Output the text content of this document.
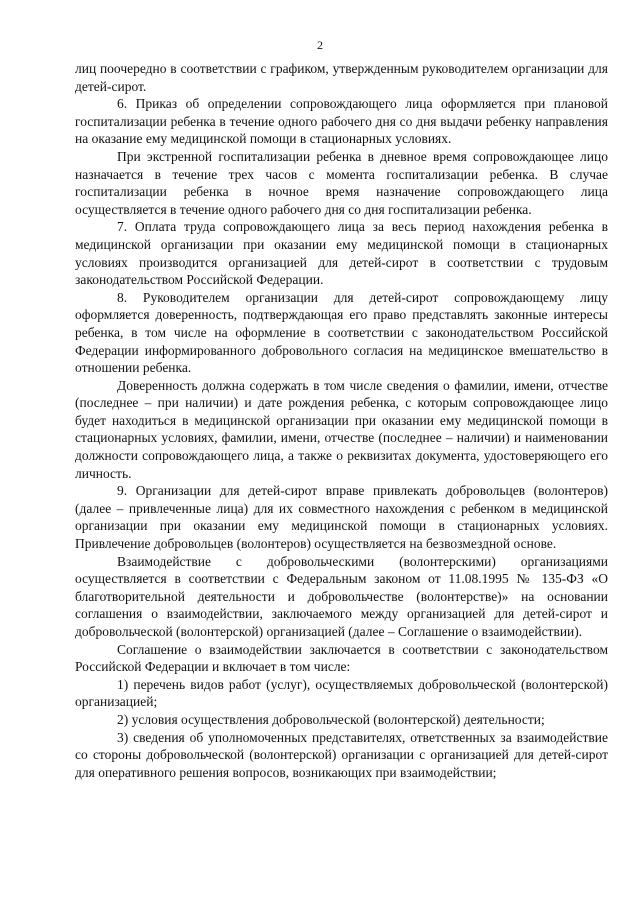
2

лиц поочередно в соответствии с графиком, утвержденным руководителем организации для детей-сирот.

6. Приказ об определении сопровождающего лица оформляется при плановой госпитализации ребенка в течение одного рабочего дня со дня выдачи ребенку направления на оказание ему медицинской помощи в стационарных условиях.

При экстренной госпитализации ребенка в дневное время сопровождающее лицо назначается в течение трех часов с момента госпитализации ребенка. В случае госпитализации ребенка в ночное время назначение сопровождающего лица осуществляется в течение одного рабочего дня со дня госпитализации ребенка.

7. Оплата труда сопровождающего лица за весь период нахождения ребенка в медицинской организации при оказании ему медицинской помощи в стационарных условиях производится организацией для детей-сирот в соответствии с трудовым законодательством Российской Федерации.

8. Руководителем организации для детей-сирот сопровождающему лицу оформляется доверенность, подтверждающая его право представлять законные интересы ребенка, в том числе на оформление в соответствии с законодательством Российской Федерации информированного добровольного согласия на медицинское вмешательство в отношении ребенка.

Доверенность должна содержать в том числе сведения о фамилии, имени, отчестве (последнее – при наличии) и дате рождения ребенка, с которым сопровождающее лицо будет находиться в медицинской организации при оказании ему медицинской помощи в стационарных условиях, фамилии, имени, отчестве (последнее – наличии) и наименовании должности сопровождающего лица, а также о реквизитах документа, удостоверяющего его личность.

9. Организации для детей-сирот вправе привлекать добровольцев (волонтеров) (далее – привлеченные лица) для их совместного нахождения с ребенком в медицинской организации при оказании ему медицинской помощи в стационарных условиях. Привлечение добровольцев (волонтеров) осуществляется на безвозмездной основе.

Взаимодействие с добровольческими (волонтерскими) организациями осуществляется в соответствии с Федеральным законом от 11.08.1995 № 135-ФЗ «О благотворительной деятельности и добровольчестве (волонтерстве)» на основании соглашения о взаимодействии, заключаемого между организацией для детей-сирот и добровольческой (волонтерской) организацией (далее – Соглашение о взаимодействии).

Соглашение о взаимодействии заключается в соответствии с законодательством Российской Федерации и включает в том числе:

1) перечень видов работ (услуг), осуществляемых добровольческой (волонтерской) организацией;

2) условия осуществления добровольческой (волонтерской) деятельности;

3) сведения об уполномоченных представителях, ответственных за взаимодействие со стороны добровольческой (волонтерской) организации с организацией для детей-сирот для оперативного решения вопросов, возникающих при взаимодействии;
